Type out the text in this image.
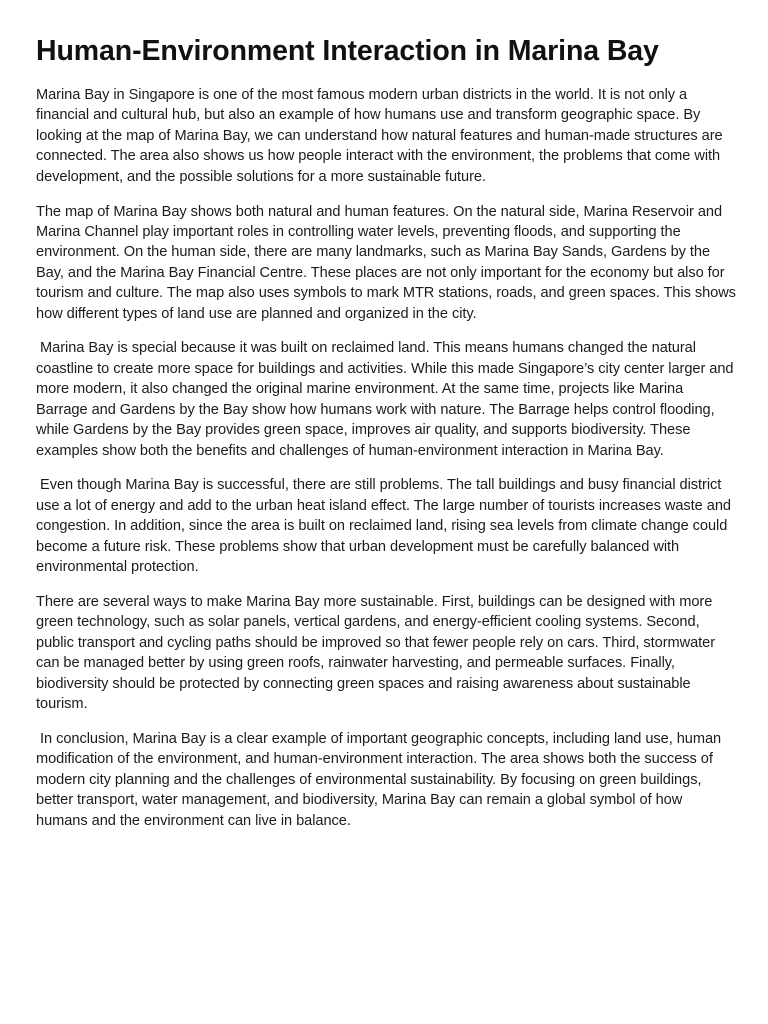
Human-Environment Interaction in Marina Bay

Marina Bay in Singapore is one of the most famous modern urban districts in the world. It is not only a financial and cultural hub, but also an example of how humans use and transform geographic space. By looking at the map of Marina Bay, we can understand how natural features and human-made structures are connected. The area also shows us how people interact with the environment, the problems that come with development, and the possible solutions for a more sustainable future.

The map of Marina Bay shows both natural and human features. On the natural side, Marina Reservoir and Marina Channel play important roles in controlling water levels, preventing floods, and supporting the environment. On the human side, there are many landmarks, such as Marina Bay Sands, Gardens by the Bay, and the Marina Bay Financial Centre. These places are not only important for the economy but also for tourism and culture. The map also uses symbols to mark MTR stations, roads, and green spaces. This shows how different types of land use are planned and organized in the city.

Marina Bay is special because it was built on reclaimed land. This means humans changed the natural coastline to create more space for buildings and activities. While this made Singapore’s city center larger and more modern, it also changed the original marine environment. At the same time, projects like Marina Barrage and Gardens by the Bay show how humans work with nature. The Barrage helps control flooding, while Gardens by the Bay provides green space, improves air quality, and supports biodiversity. These examples show both the benefits and challenges of human-environment interaction in Marina Bay.

Even though Marina Bay is successful, there are still problems. The tall buildings and busy financial district use a lot of energy and add to the urban heat island effect. The large number of tourists increases waste and congestion. In addition, since the area is built on reclaimed land, rising sea levels from climate change could become a future risk. These problems show that urban development must be carefully balanced with environmental protection.

There are several ways to make Marina Bay more sustainable. First, buildings can be designed with more green technology, such as solar panels, vertical gardens, and energy-efficient cooling systems. Second, public transport and cycling paths should be improved so that fewer people rely on cars. Third, stormwater can be managed better by using green roofs, rainwater harvesting, and permeable surfaces. Finally, biodiversity should be protected by connecting green spaces and raising awareness about sustainable tourism.

In conclusion, Marina Bay is a clear example of important geographic concepts, including land use, human modification of the environment, and human-environment interaction. The area shows both the success of modern city planning and the challenges of environmental sustainability. By focusing on green buildings, better transport, water management, and biodiversity, Marina Bay can remain a global symbol of how humans and the environment can live in balance.
